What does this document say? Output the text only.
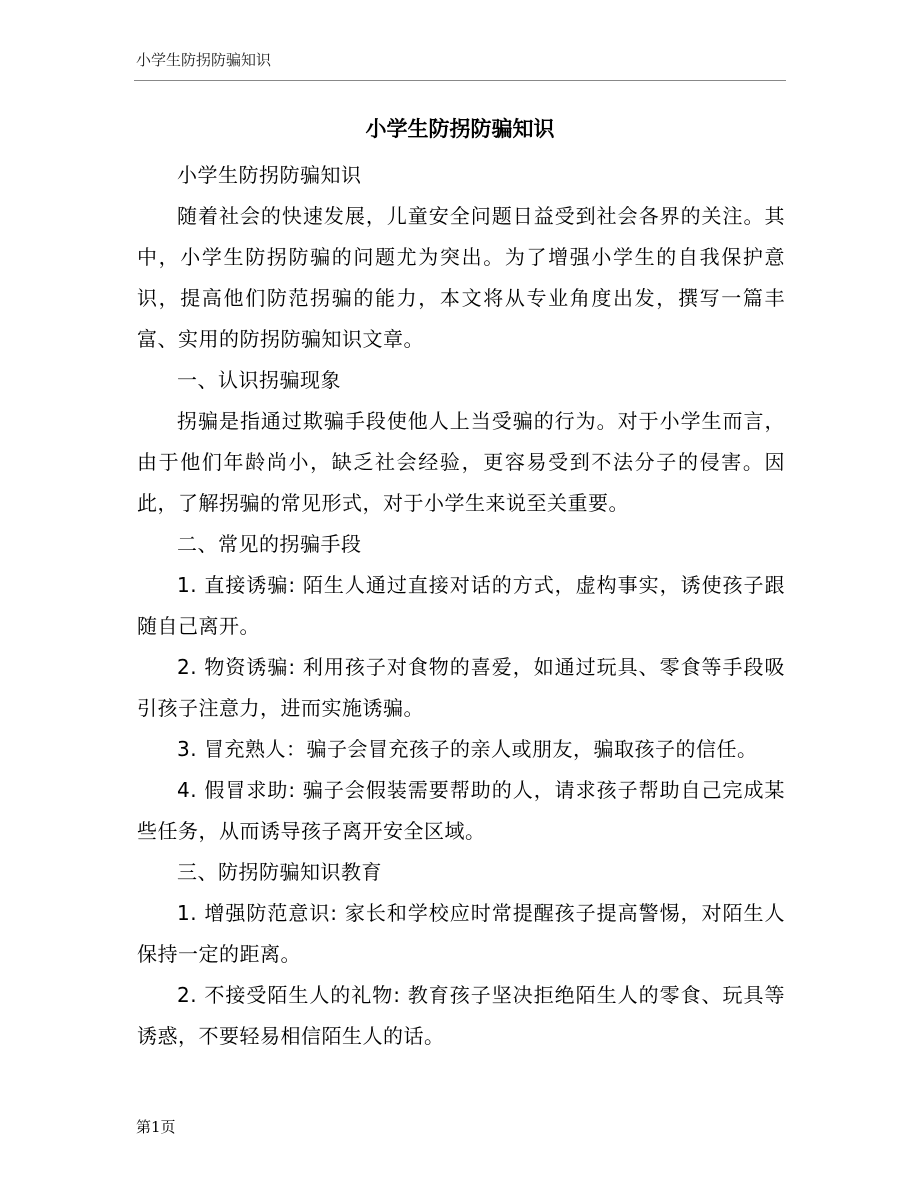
小学生防拐防骗知识
小学生防拐防骗知识

小学生防拐防骗知识

随着社会的快速发展，儿童安全问题日益受到社会各界的关注。其中，小学生防拐防骗的问题尤为突出。为了增强小学生的自我保护意识，提高他们防范拐骗的能力，本文将从专业角度出发，撰写一篇丰富、实用的防拐防骗知识文章。

一、认识拐骗现象

拐骗是指通过欺骗手段使他人上当受骗的行为。对于小学生而言，由于他们年龄尚小，缺乏社会经验，更容易受到不法分子的侵害。因此，了解拐骗的常见形式，对于小学生来说至关重要。

二、常见的拐骗手段

1. 直接诱骗: 陌生人通过直接对话的方式，虚构事实，诱使孩子跟随自己离开。

2. 物资诱骗: 利用孩子对食物的喜爱，如通过玩具、零食等手段吸引孩子注意力，进而实施诱骗。

3. 冒充熟人：骗子会冒充孩子的亲人或朋友，骗取孩子的信任。

4. 假冒求助: 骗子会假装需要帮助的人，请求孩子帮助自己完成某些任务，从而诱导孩子离开安全区域。

三、防拐防骗知识教育

1. 增强防范意识: 家长和学校应时常提醒孩子提高警惕，对陌生人保持一定的距离。

2. 不接受陌生人的礼物: 教育孩子坚决拒绝陌生人的零食、玩具等诱惑，不要轻易相信陌生人的话。

第1页
